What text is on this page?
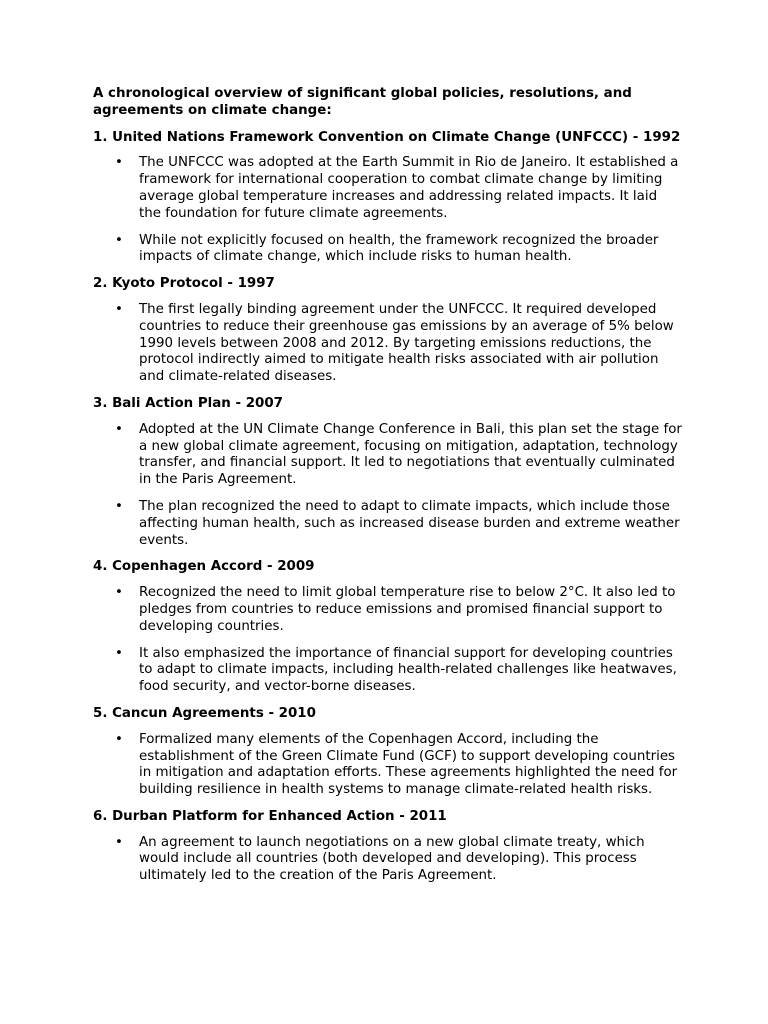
A chronological overview of significant global policies, resolutions, and agreements on climate change:

1. United Nations Framework Convention on Climate Change (UNFCCC) - 1992

• The UNFCCC was adopted at the Earth Summit in Rio de Janeiro. It established a framework for international cooperation to combat climate change by limiting average global temperature increases and addressing related impacts. It laid the foundation for future climate agreements.
• While not explicitly focused on health, the framework recognized the broader impacts of climate change, which include risks to human health.

2. Kyoto Protocol - 1997

• The first legally binding agreement under the UNFCCC. It required developed countries to reduce their greenhouse gas emissions by an average of 5% below 1990 levels between 2008 and 2012. By targeting emissions reductions, the protocol indirectly aimed to mitigate health risks associated with air pollution and climate-related diseases.

3. Bali Action Plan - 2007

• Adopted at the UN Climate Change Conference in Bali, this plan set the stage for a new global climate agreement, focusing on mitigation, adaptation, technology transfer, and financial support. It led to negotiations that eventually culminated in the Paris Agreement.
• The plan recognized the need to adapt to climate impacts, which include those affecting human health, such as increased disease burden and extreme weather events.

4. Copenhagen Accord - 2009

• Recognized the need to limit global temperature rise to below 2°C. It also led to pledges from countries to reduce emissions and promised financial support to developing countries.
• It also emphasized the importance of financial support for developing countries to adapt to climate impacts, including health-related challenges like heatwaves, food security, and vector-borne diseases.

5. Cancun Agreements - 2010

• Formalized many elements of the Copenhagen Accord, including the establishment of the Green Climate Fund (GCF) to support developing countries in mitigation and adaptation efforts. These agreements highlighted the need for building resilience in health systems to manage climate-related health risks.

6. Durban Platform for Enhanced Action - 2011

• An agreement to launch negotiations on a new global climate treaty, which would include all countries (both developed and developing). This process ultimately led to the creation of the Paris Agreement.
